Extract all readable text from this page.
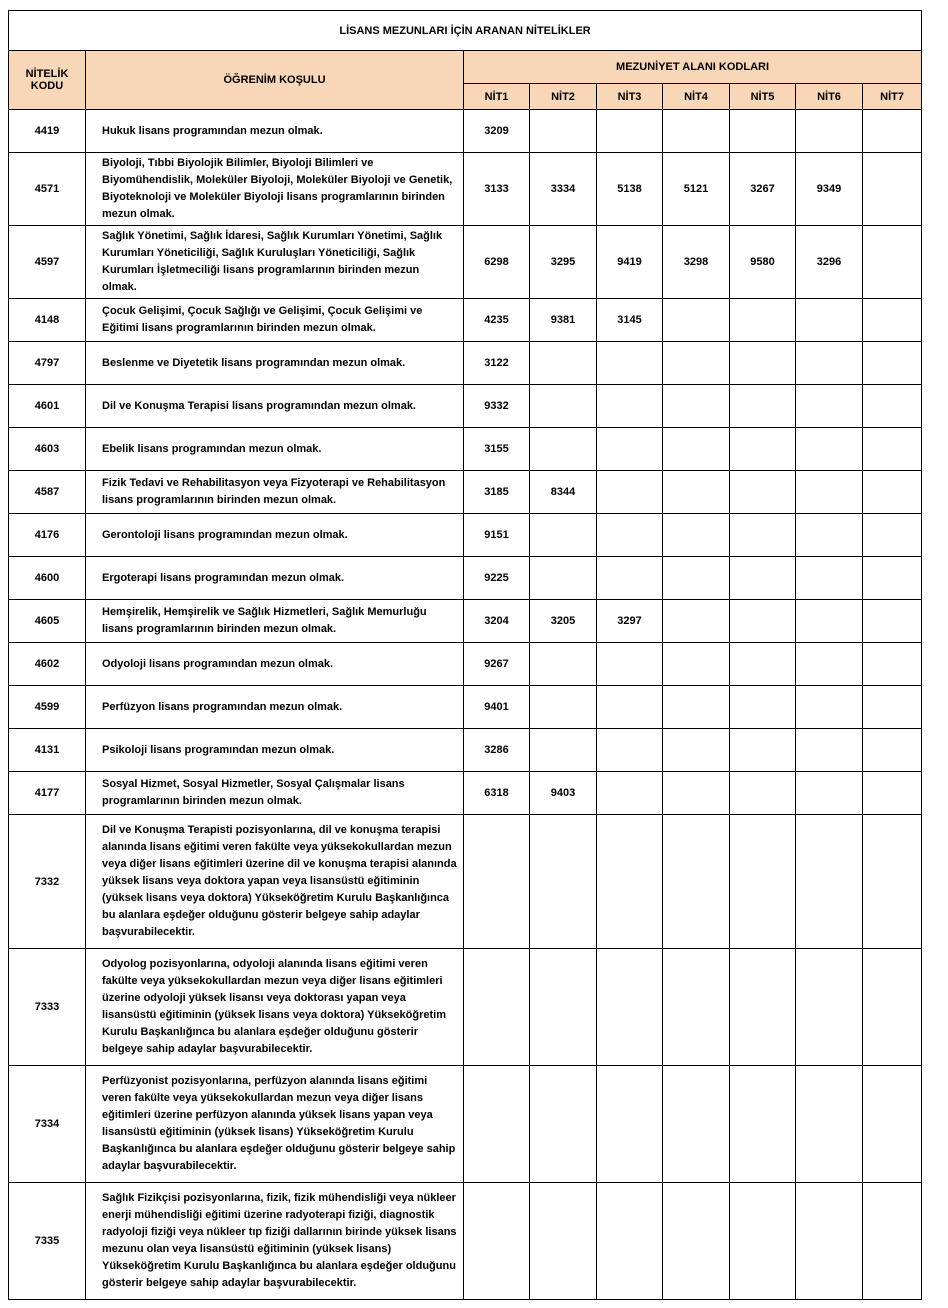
LİSANS MEZUNLARI İÇİN ARANAN NİTELİKLER								
NİTELİK KODU	ÖĞRENİM KOŞULU	MEZUNİYET ALANI KODLARI						
		NİT1	NİT2	NİT3	NİT4	NİT5	NİT6	NİT7
4419	Hukuk lisans programından mezun olmak.	3209						
4571	Biyoloji, Tıbbi Biyolojik Bilimler, Biyoloji Bilimleri ve Biyomühendislik, Moleküler Biyoloji, Moleküler Biyoloji ve Genetik, Biyoteknoloji ve Moleküler Biyoloji lisans programlarının birinden mezun olmak.	3133	3334	5138	5121	3267	9349	
4597	Sağlık Yönetimi, Sağlık İdaresi, Sağlık Kurumları Yönetimi, Sağlık Kurumları Yöneticiliği, Sağlık Kuruluşları Yöneticiliği, Sağlık Kurumları İşletmeciliği lisans programlarının birinden mezun olmak.	6298	3295	9419	3298	9580	3296	
4148	Çocuk Gelişimi, Çocuk Sağlığı ve Gelişimi, Çocuk Gelişimi ve Eğitimi lisans programlarının birinden mezun olmak.	4235	9381	3145				
4797	Beslenme ve Diyetetik lisans programından mezun olmak.	3122						
4601	Dil ve Konuşma Terapisi lisans programından mezun olmak.	9332						
4603	Ebelik lisans programından mezun olmak.	3155						
4587	Fizik Tedavi ve Rehabilitasyon veya Fizyoterapi ve Rehabilitasyon lisans programlarının birinden mezun olmak.	3185	8344					
4176	Gerontoloji lisans programından mezun olmak.	9151						
4600	Ergoterapi lisans programından mezun olmak.	9225						
4605	Hemşirelik, Hemşirelik ve Sağlık Hizmetleri, Sağlık Memurluğu lisans programlarının birinden mezun olmak.	3204	3205	3297				
4602	Odyoloji lisans programından mezun olmak.	9267						
4599	Perfüzyon lisans programından mezun olmak.	9401						
4131	Psikoloji lisans programından mezun olmak.	3286						
4177	Sosyal Hizmet, Sosyal Hizmetler, Sosyal Çalışmalar lisans programlarının birinden mezun olmak.	6318	9403					
7332	Dil ve Konuşma Terapisti pozisyonlarına, dil ve konuşma terapisi alanında lisans eğitimi veren fakülte veya yüksekokullardan mezun veya diğer lisans eğitimleri üzerine dil ve konuşma terapisi alanında yüksek lisans veya doktora yapan veya lisansüstü eğitiminin (yüksek lisans veya doktora) Yükseköğretim Kurulu Başkanlığınca bu alanlara eşdeğer olduğunu gösterir belgeye sahip adaylar başvurabilecektir.							
7333	Odyolog pozisyonlarına, odyoloji alanında lisans eğitimi veren fakülte veya yüksekokullardan mezun veya diğer lisans eğitimleri üzerine odyoloji yüksek lisansı veya doktorası yapan veya lisansüstü eğitiminin (yüksek lisans veya doktora) Yükseköğretim Kurulu Başkanlığınca bu alanlara eşdeğer olduğunu gösterir belgeye sahip adaylar başvurabilecektir.							
7334	Perfüzyonist pozisyonlarına, perfüzyon alanında lisans eğitimi veren fakülte veya yüksekokullardan mezun veya diğer lisans eğitimleri üzerine perfüzyon alanında yüksek lisans yapan veya lisansüstü eğitiminin (yüksek lisans) Yükseköğretim Kurulu Başkanlığınca bu alanlara eşdeğer olduğunu gösterir belgeye sahip adaylar başvurabilecektir.							
7335	Sağlık Fizikçisi pozisyonlarına, fizik, fizik mühendisliği veya nükleer enerji mühendisliği eğitimi üzerine radyoterapi fiziği, diagnostik radyoloji fiziği veya nükleer tıp fiziği dallarının birinde yüksek lisans mezunu olan veya lisansüstü eğitiminin (yüksek lisans) Yükseköğretim Kurulu Başkanlığınca bu alanlara eşdeğer olduğunu gösterir belgeye sahip adaylar başvurabilecektir.							
